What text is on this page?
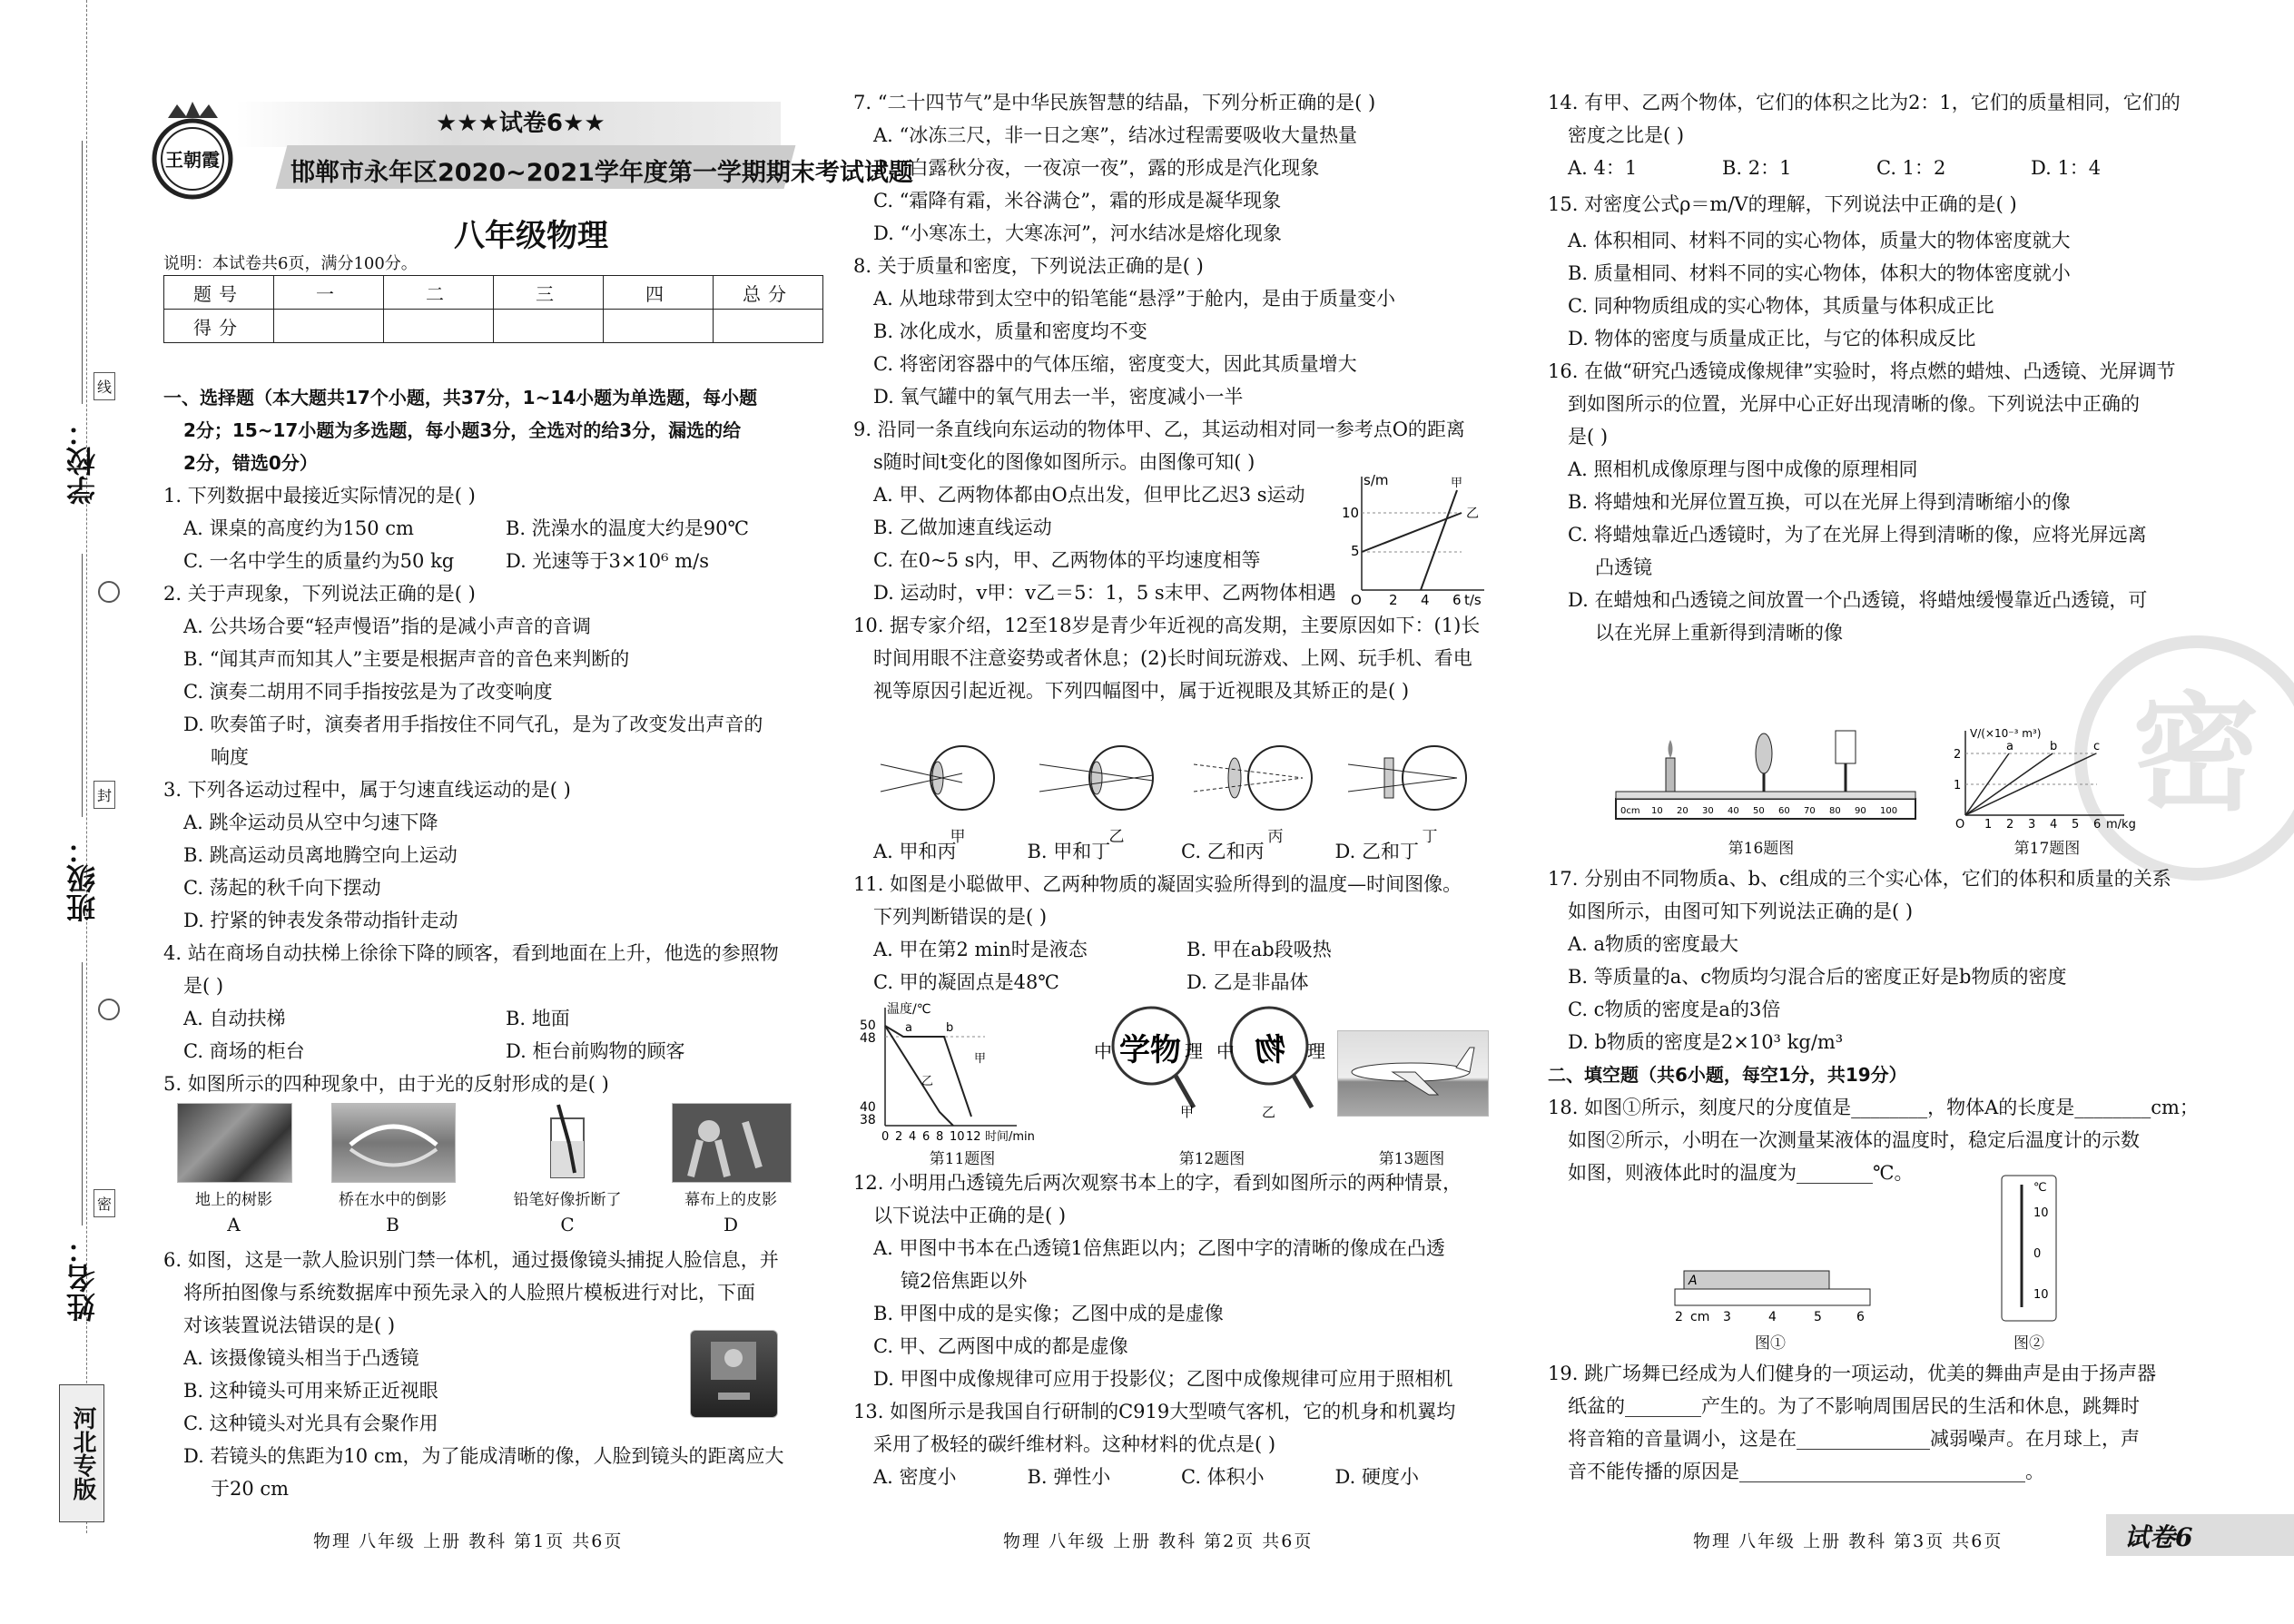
学校：
班级：
姓名：
线
封
密
河北专版
王朝霞
★★★试卷6★★
邯郸市永年区2020~2021学年度第一学期期末考试试题
八年级物理
说明：本试卷共6页，满分100分。
题号	一	二	三	四	总分
得分					

一、选择题（本大题共17个小题，共37分，1~14小题为单选题，每小题

2分；15~17小题为多选题，每小题3分，全选对的给3分，漏选的给

2分，错选0分）

1. 下列数据中最接近实际情况的是( )

A. 课桌的高度约为150 cm	B. 洗澡水的温度大约是90℃
C. 一名中学生的质量约为50 kg	D. 光速等于3×10⁶ m/s

2. 关于声现象，下列说法正确的是( )

A. 公共场合要“轻声慢语”指的是减小声音的音调

B. “闻其声而知其人”主要是根据声音的音色来判断的

C. 演奏二胡用不同手指按弦是为了改变响度

D. 吹奏笛子时，演奏者用手指按住不同气孔，是为了改变发出声音的

响度

3. 下列各运动过程中，属于匀速直线运动的是( )

A. 跳伞运动员从空中匀速下降

B. 跳高运动员离地腾空向上运动

C. 荡起的秋千向下摆动

D. 拧紧的钟表发条带动指针走动

4. 站在商场自动扶梯上徐徐下降的顾客，看到地面在上升，他选的参照物

是( )

A. 自动扶梯	B. 地面
C. 商场的柜台	D. 柜台前购物的顾客

5. 如图所示的四种现象中，由于光的反射形成的是( )

地上的树影	桥在水中的倒影	铅笔好像折断了	幕布上的皮影
A	B	C	D

6. 如图，这是一款人脸识别门禁一体机，通过摄像镜头捕捉人脸信息，并

将所拍图像与系统数据库中预先录入的人脸照片模板进行对比，下面

对该装置说法错误的是( )

A. 该摄像镜头相当于凸透镜

B. 这种镜头可用来矫正近视眼

C. 这种镜头对光具有会聚作用

D. 若镜头的焦距为10 cm，为了能成清晰的像，人脸到镜头的距离应大

于20 cm

物理 八年级 上册 教科 第1页 共6页

7. “二十四节气”是中华民族智慧的结晶，下列分析正确的是( )

A. “冰冻三尺，非一日之寒”，结冰过程需要吸收大量热量

B. “白露秋分夜，一夜凉一夜”，露的形成是汽化现象

C. “霜降有霜，米谷满仓”，霜的形成是凝华现象

D. “小寒冻土，大寒冻河”，河水结冰是熔化现象

8. 关于质量和密度，下列说法正确的是( )

A. 从地球带到太空中的铅笔能“悬浮”于舱内，是由于质量变小

B. 冰化成水，质量和密度均不变

C. 将密闭容器中的气体压缩，密度变大，因此其质量增大

D. 氧气罐中的氧气用去一半，密度减小一半

9. 沿同一条直线向东运动的物体甲、乙，其运动相对同一参考点O的距离

s随时间t变化的图像如图所示。由图像可知( )

A. 甲、乙两物体都由O点出发，但甲比乙迟3 s运动

B. 乙做加速直线运动

C. 在0~5 s内，甲、乙两物体的平均速度相等

D. 运动时，v甲：v乙＝5：1，5 s末甲、乙两物体相遇

10. 据专家介绍，12至18岁是青少年近视的高发期，主要原因如下：(1)长

时间用眼不注意姿势或者休息；(2)长时间玩游戏、上网、玩手机、看电

视等原因引起近视。下列四幅图中，属于近视眼及其矫正的是( )

5
10
s/m
O 2 4 6 t/s
甲
乙
甲	乙	丙	丁
A. 甲和丙	B. 甲和丁	C. 乙和丙	D. 乙和丁

11. 如图是小聪做甲、乙两种物质的凝固实验所得到的温度—时间图像。

下列判断错误的是( )

A. 甲在第2 min时是液态	B. 甲在ab段吸热
C. 甲的凝固点是48℃	D. 乙是非晶体
50
48
40
38
温度/℃
0 2 4 6 8 10 12 时间/min
a	b
甲
乙
中 学物 理 中 物 理
甲	乙
第11题图	第12题图	第13题图

12. 小明用凸透镜先后两次观察书本上的字，看到如图所示的两种情景，

以下说法中正确的是( )

A. 甲图中书本在凸透镜1倍焦距以内；乙图中字的清晰的像成在凸透

镜2倍焦距以外

B. 甲图中成的是实像；乙图中成的是虚像

C. 甲、乙两图中成的都是虚像

D. 甲图中成像规律可应用于投影仪；乙图中成像规律可应用于照相机

13. 如图所示是我国自行研制的C919大型喷气客机，它的机身和机翼均

采用了极轻的碳纤维材料。这种材料的优点是( )

A. 密度小	B. 弹性小	C. 体积小	D. 硬度小
物理 八年级 上册 教科 第2页 共6页
密

14. 有甲、乙两个物体，它们的体积之比为2：1，它们的质量相同，它们的

密度之比是( )

A. 4：1	B. 2：1	C. 1：2	D. 1：4

15. 对密度公式ρ＝m/V的理解，下列说法中正确的是( )

A. 体积相同、材料不同的实心物体，质量大的物体密度就大

B. 质量相同、材料不同的实心物体，体积大的物体密度就小

C. 同种物质组成的实心物体，其质量与体积成正比

D. 物体的密度与质量成正比，与它的体积成反比

16. 在做“研究凸透镜成像规律”实验时，将点燃的蜡烛、凸透镜、光屏调节

到如图所示的位置，光屏中心正好出现清晰的像。下列说法中正确的

是( )

A. 照相机成像原理与图中成像的原理相同

B. 将蜡烛和光屏位置互换，可以在光屏上得到清晰缩小的像

C. 将蜡烛靠近凸透镜时，为了在光屏上得到清晰的像，应将光屏远离

凸透镜

D. 在蜡烛和凸透镜之间放置一个凸透镜，将蜡烛缓慢靠近凸透镜，可

以在光屏上重新得到清晰的像

0cm 10 20 30 40 50 60 70 80 90 100
2
1
V/(×10⁻³ m³)
O 1 2 3 4 5 6 m/kg
a	b	c
第16题图	第17题图

17. 分别由不同物质a、b、c组成的三个实心体，它们的体积和质量的关系

如图所示，由图可知下列说法正确的是( )

A. a物质的密度最大

B. 等质量的a、c物质均匀混合后的密度正好是b物质的密度

C. c物质的密度是a的3倍

D. b物质的密度是2×10³ kg/m³

二、填空题（共6小题，每空1分，共19分）

18. 如图①所示，刻度尺的分度值是________，物体A的长度是________cm；

如图②所示，小明在一次测量某液体的温度时，稳定后温度计的示数

如图，则液体此时的温度为________℃。

A
2 cm 3	4	5	6
图①
℃
10
0
10
图②

19. 跳广场舞已经成为人们健身的一项运动，优美的舞曲声是由于扬声器

纸盆的________产生的。为了不影响周围居民的生活和休息，跳舞时

将音箱的音量调小，这是在______________减弱噪声。在月球上，声

音不能传播的原因是______________________________。

物理 八年级 上册 教科 第3页 共6页	试卷6
